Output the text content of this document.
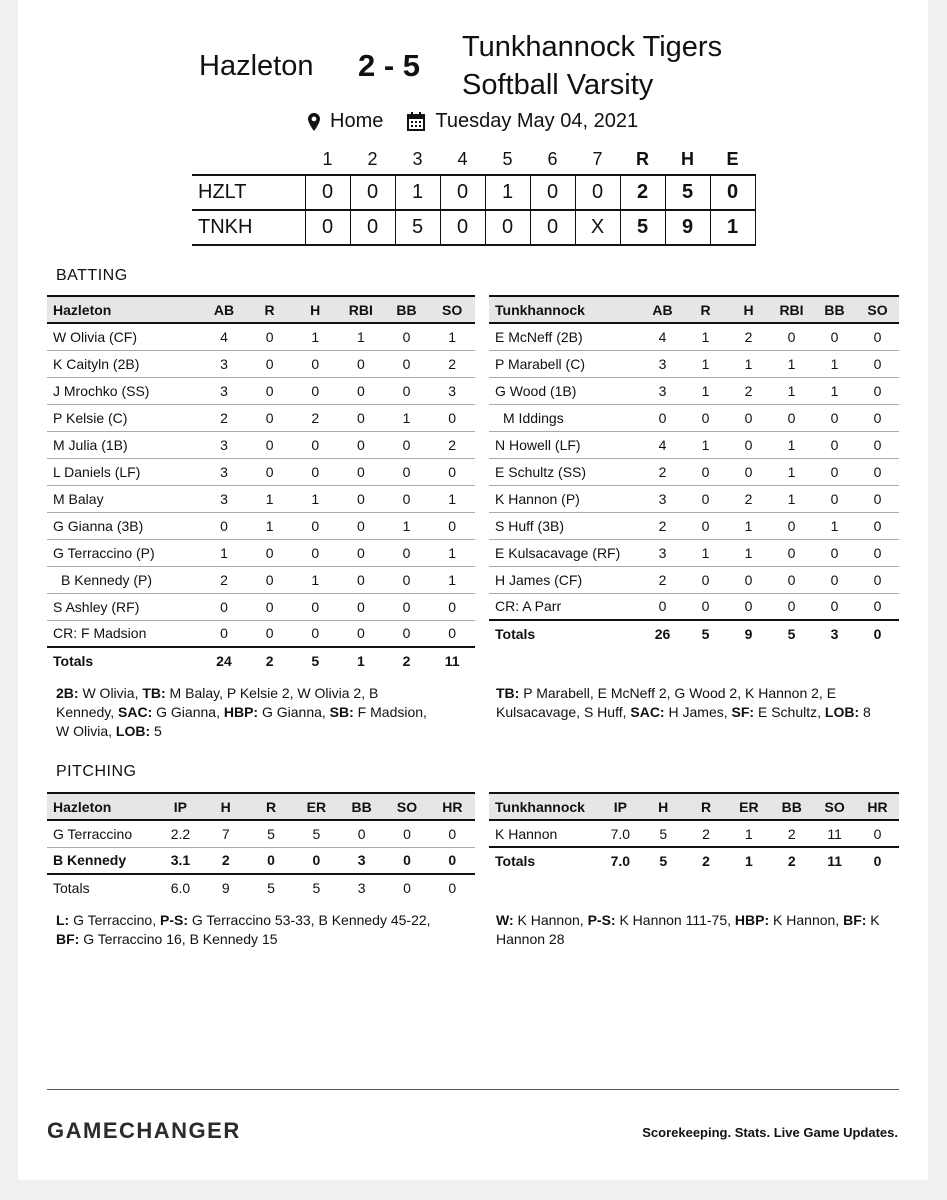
Hazleton 2 - 5
Tunkhannock Tigers
Softball Varsity
Home	Tuesday May 04, 2021
	1	2	3	4	5	6	7	R	H	E
HZLT	0	0	1	0	1	0	0	2	5	0
TNKH	0	0	5	0	0	0	X	5	9	1
BATTING
Hazleton	AB	R	H	RBI	BB	SO
W Olivia (CF)	4	0	1	1	0	1
K Caityln (2B)	3	0	0	0	0	2
J Mrochko (SS)	3	0	0	0	0	3
P Kelsie (C)	2	0	2	0	1	0
M Julia (1B)	3	0	0	0	0	2
L Daniels (LF)	3	0	0	0	0	0
M Balay	3	1	1	0	0	1
G Gianna (3B)	0	1	0	0	1	0
G Terraccino (P)	1	0	0	0	0	1
B Kennedy (P)	2	0	1	0	0	1
S Ashley (RF)	0	0	0	0	0	0
CR: F Madsion	0	0	0	0	0	0
Totals	24	2	5	1	2	11
Tunkhannock	AB	R	H	RBI	BB	SO
E McNeff (2B)	4	1	2	0	0	0
P Marabell (C)	3	1	1	1	1	0
G Wood (1B)	3	1	2	1	1	0
M Iddings	0	0	0	0	0	0
N Howell (LF)	4	1	0	1	0	0
E Schultz (SS)	2	0	0	1	0	0
K Hannon (P)	3	0	2	1	0	0
S Huff (3B)	2	0	1	0	1	0
E Kulsacavage (RF)	3	1	1	0	0	0
H James (CF)	2	0	0	0	0	0
CR: A Parr	0	0	0	0	0	0
Totals	26	5	9	5	3	0
2B: W Olivia, TB: M Balay, P Kelsie 2, W Olivia 2, B Kennedy, SAC: G Gianna, HBP: G Gianna, SB: F Madsion, W Olivia, LOB: 5
TB: P Marabell, E McNeff 2, G Wood 2, K Hannon 2, E Kulsacavage, S Huff, SAC: H James, SF: E Schultz, LOB: 8
PITCHING
Hazleton	IP	H	R	ER	BB	SO	HR
G Terraccino	2.2	7	5	5	0	0	0
B Kennedy	3.1	2	0	0	3	0	0
Totals	6.0	9	5	5	3	0	0
Tunkhannock	IP	H	R	ER	BB	SO	HR
K Hannon	7.0	5	2	1	2	11	0
Totals	7.0	5	2	1	2	11	0
L: G Terraccino, P-S: G Terraccino 53-33, B Kennedy 45-22, BF: G Terraccino 16, B Kennedy 15
W: K Hannon, P-S: K Hannon 111-75, HBP: K Hannon, BF: K Hannon 28
GAMECHANGER	Scorekeeping. Stats. Live Game Updates.
